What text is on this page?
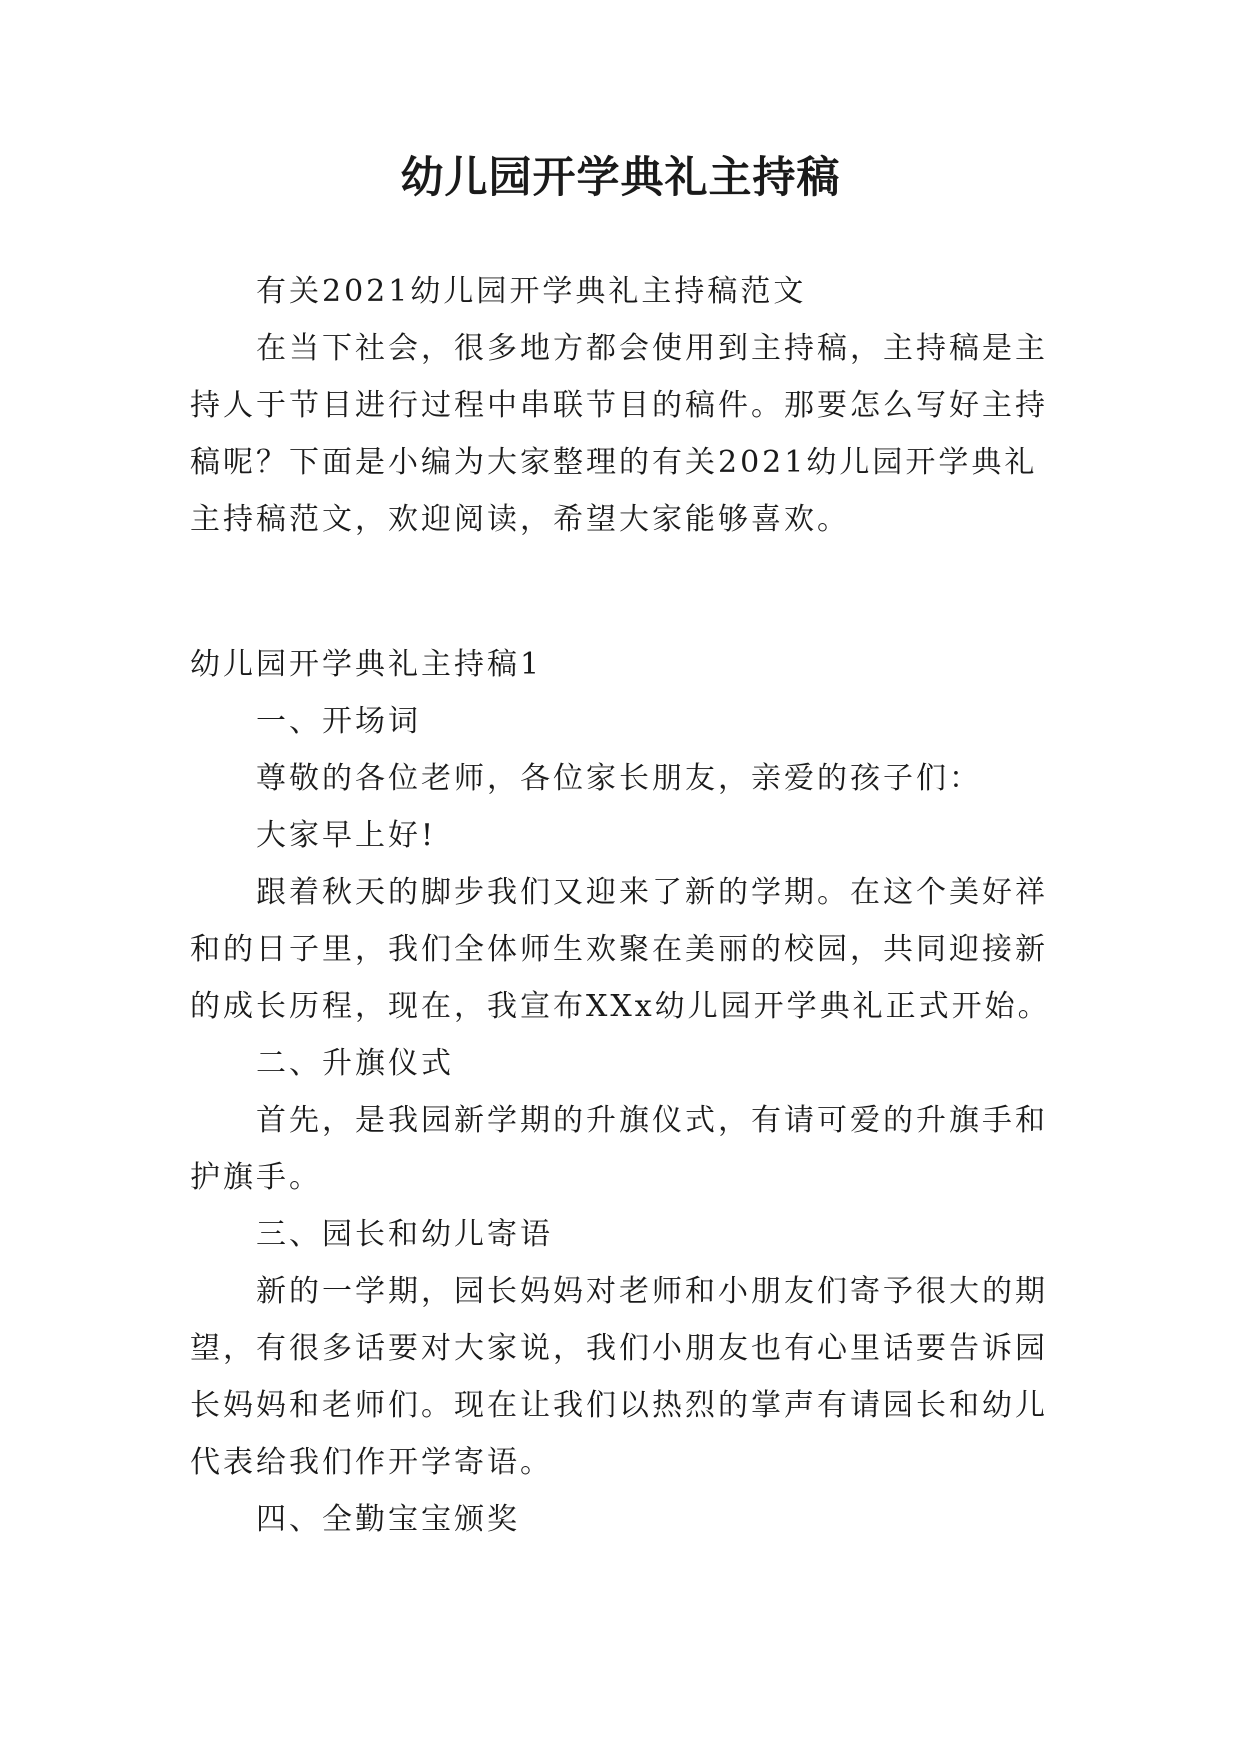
幼儿园开学典礼主持稿

有关2021幼儿园开学典礼主持稿范文

在当下社会，很多地方都会使用到主持稿，主持稿是主持人于节目进行过程中串联节目的稿件。那要怎么写好主持稿呢？下面是小编为大家整理的有关2021幼儿园开学典礼主持稿范文，欢迎阅读，希望大家能够喜欢。

幼儿园开学典礼主持稿1

一、开场词

尊敬的各位老师，各位家长朋友，亲爱的孩子们：

大家早上好!

跟着秋天的脚步我们又迎来了新的学期。在这个美好祥和的日子里，我们全体师生欢聚在美丽的校园，共同迎接新的成长历程，现在，我宣布XXx幼儿园开学典礼正式开始。

二、升旗仪式

首先，是我园新学期的升旗仪式，有请可爱的升旗手和护旗手。

三、园长和幼儿寄语

新的一学期，园长妈妈对老师和小朋友们寄予很大的期望，有很多话要对大家说，我们小朋友也有心里话要告诉园长妈妈和老师们。现在让我们以热烈的掌声有请园长和幼儿代表给我们作开学寄语。

四、全勤宝宝颁奖
